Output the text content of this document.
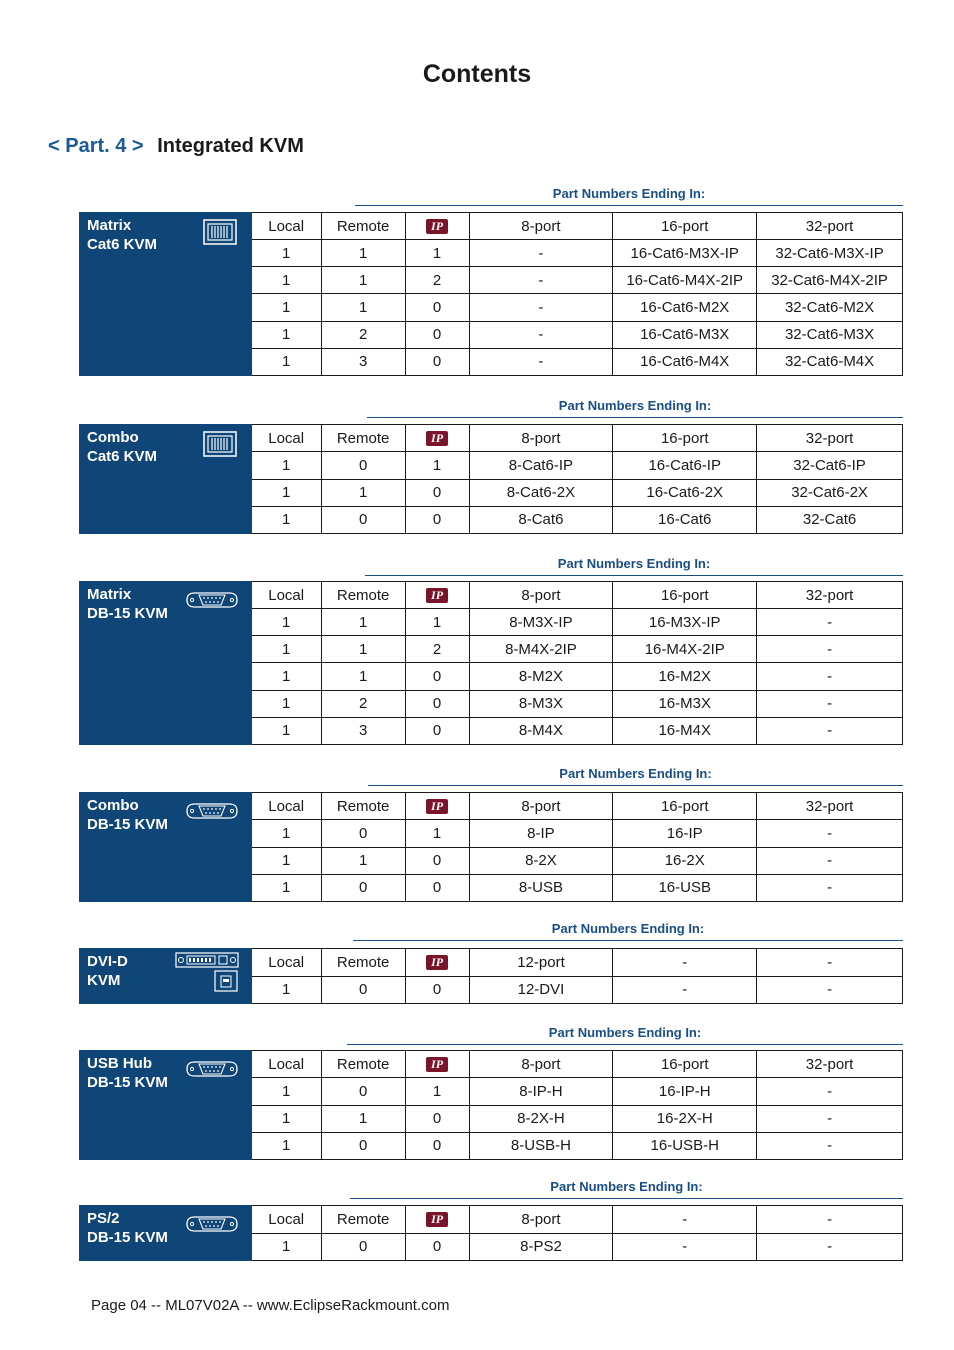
Contents
< Part. 4 > Integrated KVM
Part Numbers Ending In:
Matrix
Cat6 KVM	Local	Remote	IP	8-port	16-port	32-port
	1	1	1	-	16-Cat6-M3X-IP	32-Cat6-M3X-IP
	1	1	2	-	16-Cat6-M4X-2IP	32-Cat6-M4X-2IP
	1	1	0	-	16-Cat6-M2X	32-Cat6-M2X
	1	2	0	-	16-Cat6-M3X	32-Cat6-M3X
	1	3	0	-	16-Cat6-M4X	32-Cat6-M4X
Part Numbers Ending In:
Combo
Cat6 KVM	Local	Remote	IP	8-port	16-port	32-port
	1	0	1	8-Cat6-IP	16-Cat6-IP	32-Cat6-IP
	1	1	0	8-Cat6-2X	16-Cat6-2X	32-Cat6-2X
	1	0	0	8-Cat6	16-Cat6	32-Cat6
Part Numbers Ending In:
Matrix
DB-15 KVM	Local	Remote	IP	8-port	16-port	32-port
	1	1	1	8-M3X-IP	16-M3X-IP	-
	1	1	2	8-M4X-2IP	16-M4X-2IP	-
	1	1	0	8-M2X	16-M2X	-
	1	2	0	8-M3X	16-M3X	-
	1	3	0	8-M4X	16-M4X	-
Part Numbers Ending In:
Combo
DB-15 KVM	Local	Remote	IP	8-port	16-port	32-port
	1	0	1	8-IP	16-IP	-
	1	1	0	8-2X	16-2X	-
	1	0	0	8-USB	16-USB	-
Part Numbers Ending In:
DVI-D
KVM	Local	Remote	IP	12-port	-	-
	1	0	0	12-DVI	-	-
Part Numbers Ending In:
USB Hub
DB-15 KVM	Local	Remote	IP	8-port	16-port	32-port
	1	0	1	8-IP-H	16-IP-H	-
	1	1	0	8-2X-H	16-2X-H	-
	1	0	0	8-USB-H	16-USB-H	-
Part Numbers Ending In:
PS/2
DB-15 KVM	Local	Remote	IP	8-port	-	-
	1	0	0	8-PS2	-	-
Page 04 -- ML07V02A -- www.EclipseRackmount.com
